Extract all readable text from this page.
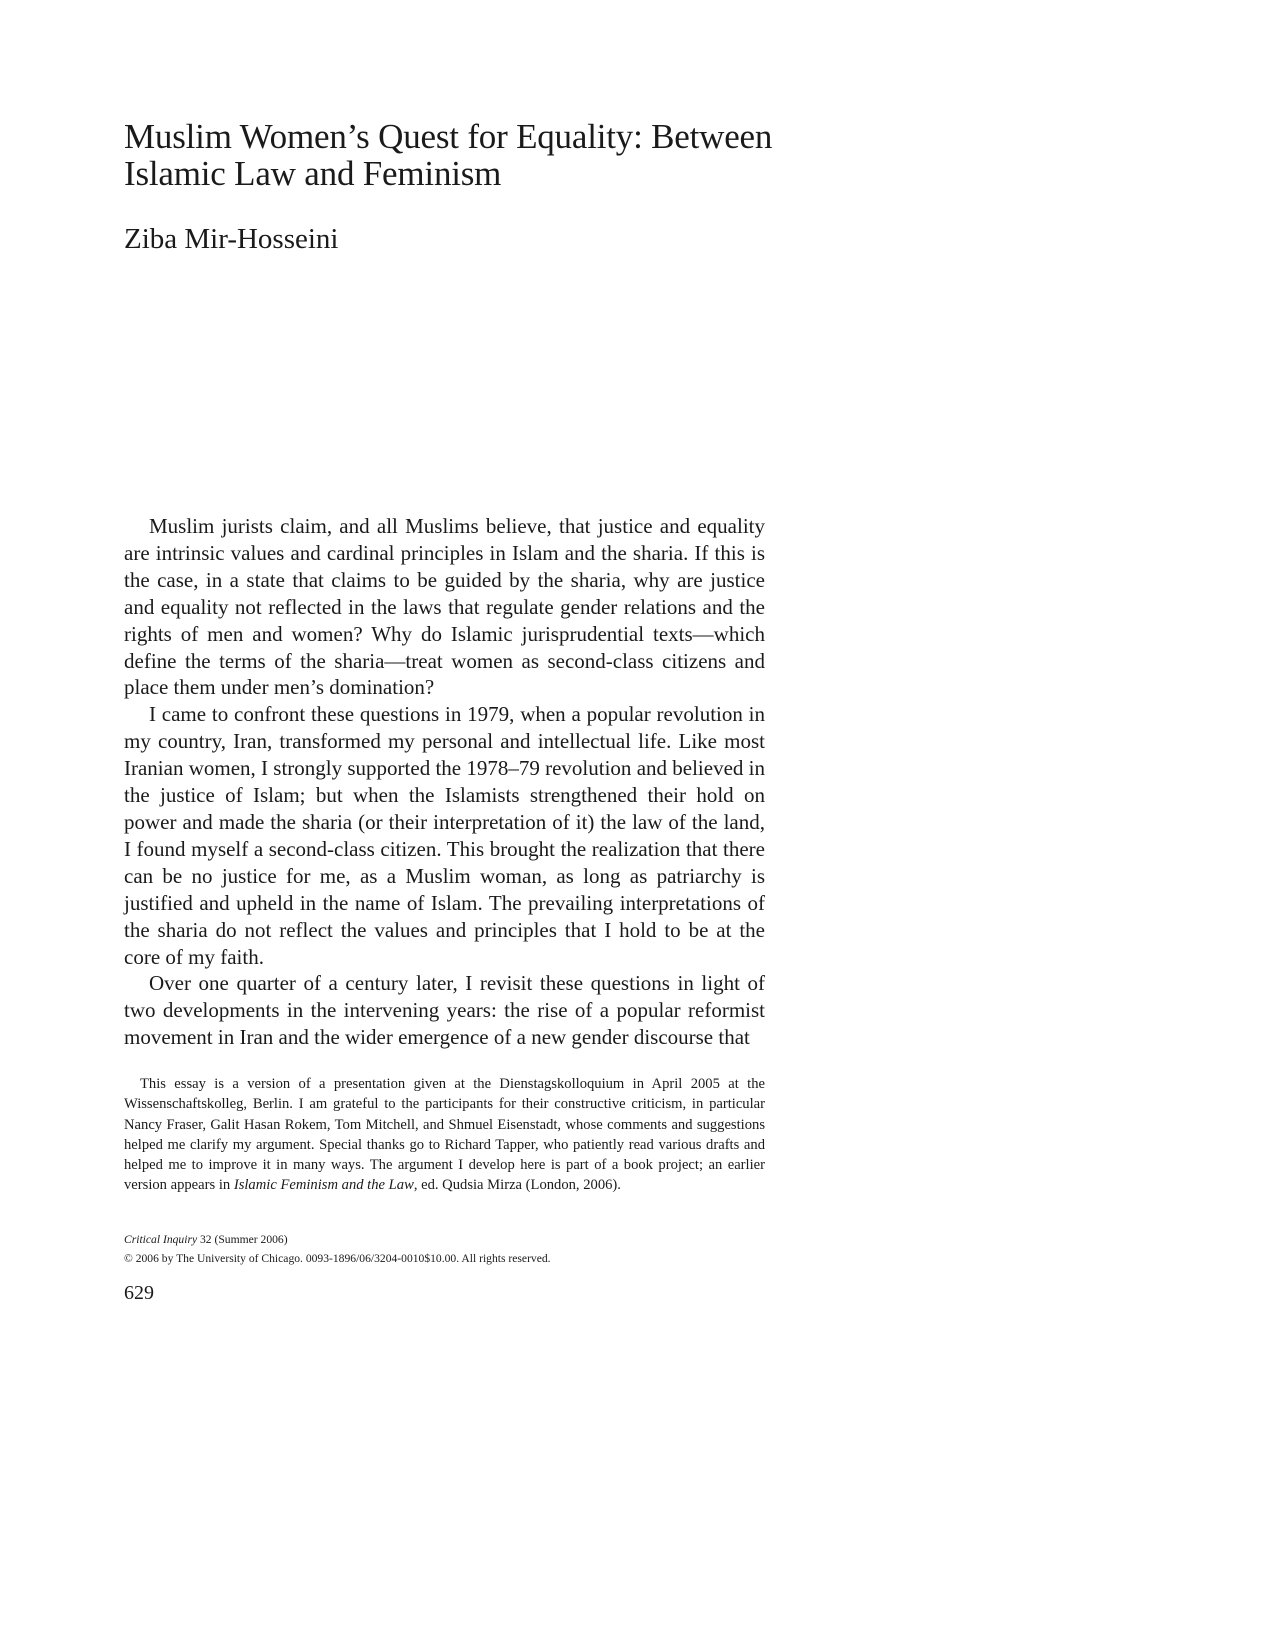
Muslim Women’s Quest for Equality: Between Islamic Law and Feminism
Ziba Mir-Hosseini

Muslim jurists claim, and all Muslims believe, that justice and equality are intrinsic values and cardinal principles in Islam and the sharia. If this is the case, in a state that claims to be guided by the sharia, why are justice and equality not reflected in the laws that regulate gender relations and the rights of men and women? Why do Islamic jurisprudential texts—which define the terms of the sharia—treat women as second-class citizens and place them under men’s domination?

I came to confront these questions in 1979, when a popular revolution in my country, Iran, transformed my personal and intellectual life. Like most Iranian women, I strongly supported the 1978–79 revolution and believed in the justice of Islam; but when the Islamists strengthened their hold on power and made the sharia (or their interpretation of it) the law of the land, I found myself a second-class citizen. This brought the realization that there can be no justice for me, as a Muslim woman, as long as patriarchy is justified and upheld in the name of Islam. The prevailing interpretations of the sharia do not reflect the values and principles that I hold to be at the core of my faith.

Over one quarter of a century later, I revisit these questions in light of two developments in the intervening years: the rise of a popular reformist movement in Iran and the wider emergence of a new gender discourse that

This essay is a version of a presentation given at the Dienstagskolloquium in April 2005 at the Wissenschaftskolleg, Berlin. I am grateful to the participants for their constructive criticism, in particular Nancy Fraser, Galit Hasan Rokem, Tom Mitchell, and Shmuel Eisenstadt, whose comments and suggestions helped me clarify my argument. Special thanks go to Richard Tapper, who patiently read various drafts and helped me to improve it in many ways. The argument I develop here is part of a book project; an earlier version appears in Islamic Feminism and the Law, ed. Qudsia Mirza (London, 2006).

Critical Inquiry 32 (Summer 2006)
© 2006 by The University of Chicago. 0093-1896/06/3204-0010$10.00. All rights reserved.

629
